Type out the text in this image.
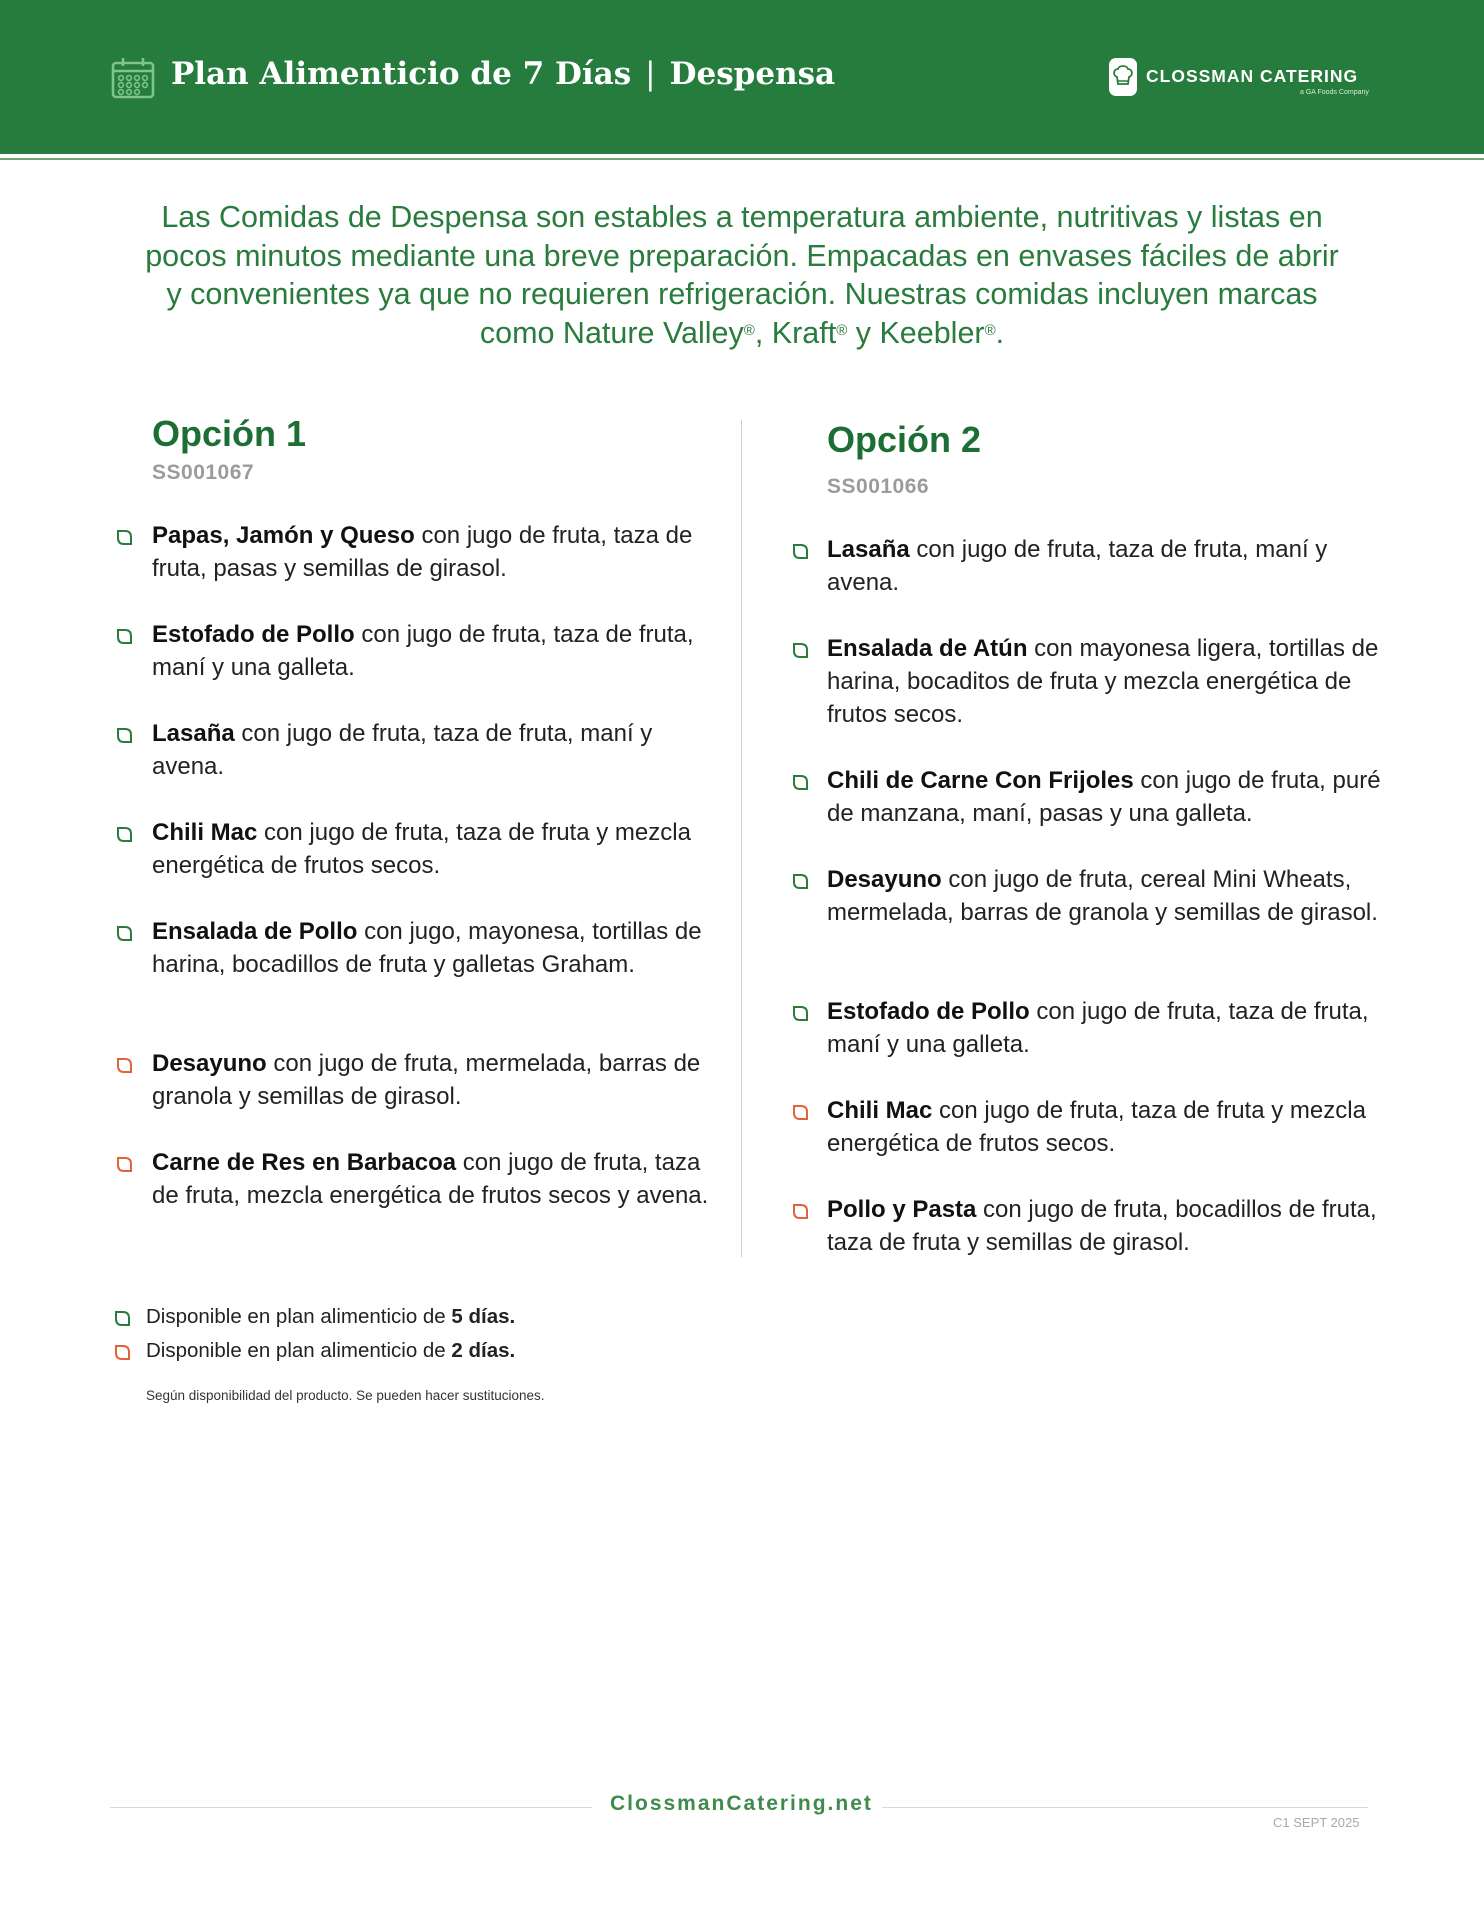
Plan Alimenticio de 7 Días | Despensa	CLOSSMAN CATERING
a GA Foods Company
Las Comidas de Despensa son estables a temperatura ambiente, nutritivas y listas en pocos minutos mediante una breve preparación. Empacadas en envases fáciles de abrir y convenientes ya que no requieren refrigeración. Nuestras comidas incluyen marcas como Nature Valley®, Kraft® y Keebler®.
Opción 1
SS001067
Opción 2
SS001066
Papas, Jamón y Queso con jugo de fruta, taza de fruta, pasas y semillas de girasol.
Estofado de Pollo con jugo de fruta, taza de fruta, maní y una galleta.
Lasaña con jugo de fruta, taza de fruta, maní y avena.
Chili Mac con jugo de fruta, taza de fruta y mezcla energética de frutos secos.
Ensalada de Pollo con jugo, mayonesa, tortillas de harina, bocadillos de fruta y galletas Graham.
Desayuno con jugo de fruta, mermelada, barras de granola y semillas de girasol.
Carne de Res en Barbacoa con jugo de fruta, taza de fruta, mezcla energética de frutos secos y avena.
Lasaña con jugo de fruta, taza de fruta, maní y avena.
Ensalada de Atún con mayonesa ligera, tortillas de harina, bocaditos de fruta y mezcla energética de frutos secos.
Chili de Carne Con Frijoles con jugo de fruta, puré de manzana, maní, pasas y una galleta.
Desayuno con jugo de fruta, cereal Mini Wheats, mermelada, barras de granola y semillas de girasol.
Estofado de Pollo con jugo de fruta, taza de fruta, maní y una galleta.
Chili Mac con jugo de fruta, taza de fruta y mezcla energética de frutos secos.
Pollo y Pasta con jugo de fruta, bocadillos de fruta, taza de fruta y semillas de girasol.
Disponible en plan alimenticio de 5 días.
Disponible en plan alimenticio de 2 días.
Según disponibilidad del producto. Se pueden hacer sustituciones.
ClossmanCatering.net
C1 SEPT 2025
